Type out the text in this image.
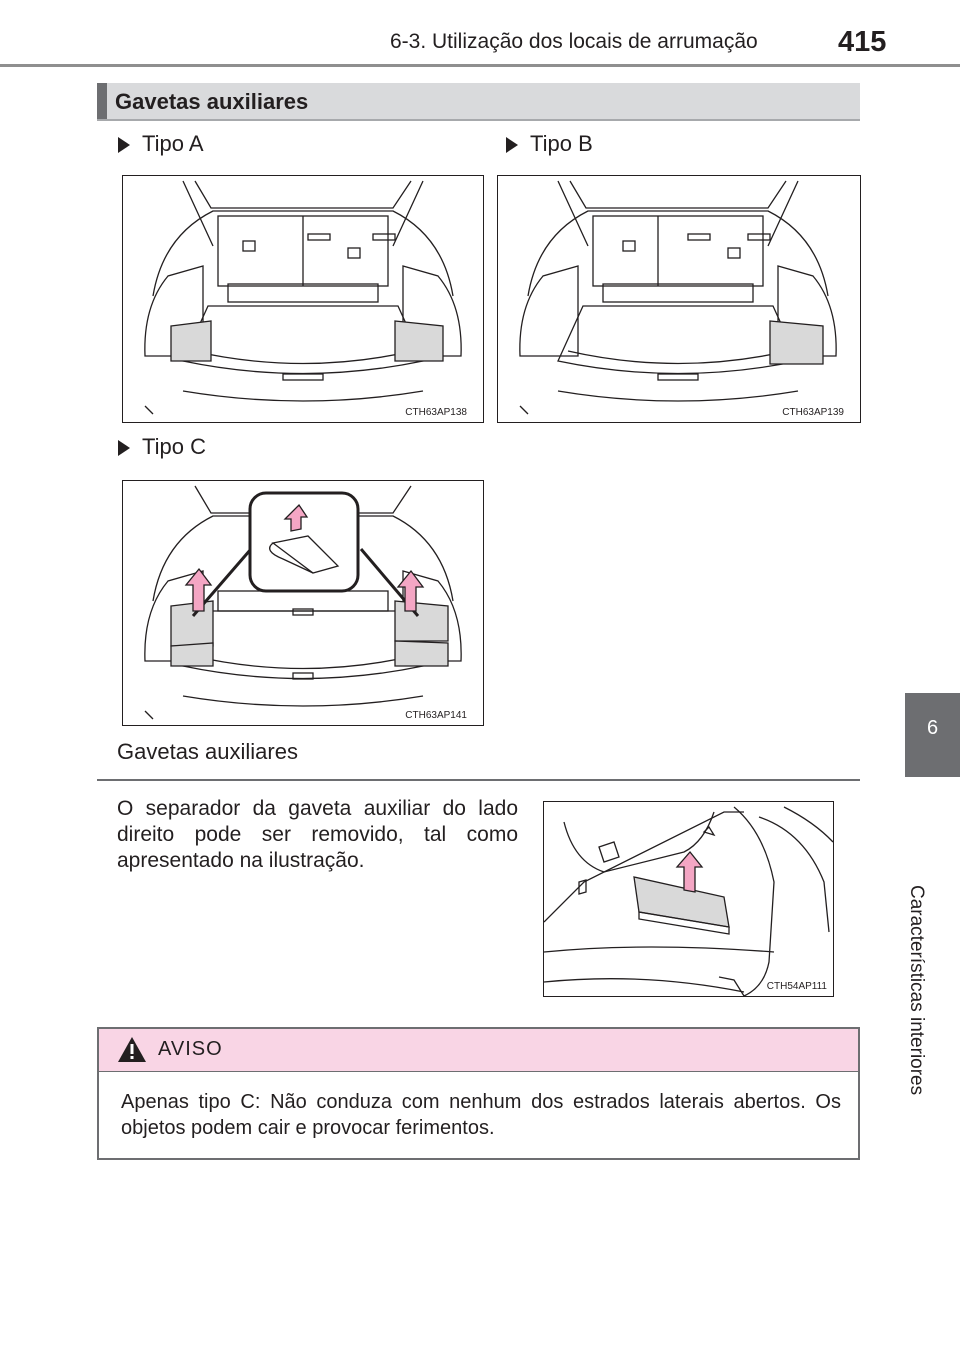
6-3. Utilização dos locais de arrumação	415
Gavetas auxiliares
Tipo A	Tipo B
CTH63AP138	CTH63AP139
Tipo C
CTH63AP141
Gavetas auxiliares
O separador da gaveta auxiliar do lado direito pode ser removido, tal como apresentado na ilustração.
CTH54AP111
6
Características interiores
AVISO
Apenas tipo C: Não conduza com nenhum dos estrados laterais abertos. Os objetos podem cair e provocar ferimentos.
